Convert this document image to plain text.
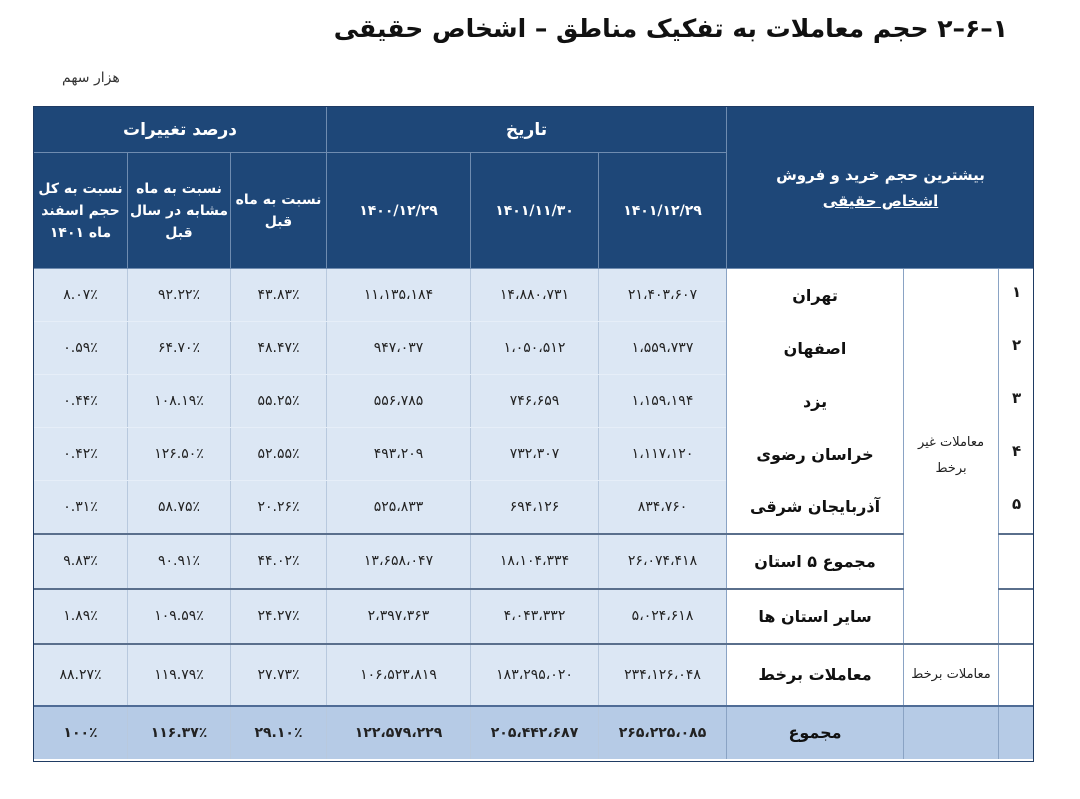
۱–۶–۲ حجم معاملات به تفکیک مناطق – اشخاص حقیقی
هزار سهم
بیشترین حجم خرید و فروش
اشخاص حقیقی			تاریخ			درصد تغییرات		
			۱۴۰۱/۱۲/۲۹	۱۴۰۱/۱۱/۳۰	۱۴۰۰/۱۲/۲۹	نسبت به ماه قبل	نسبت به ماه مشابه در سال قبل	نسبت به کل حجم اسفند ماه ۱۴۰۱
۱	معاملات غیر برخط	تهران	۲۱،۴۰۳،۶۰۷	۱۴،۸۸۰،۷۳۱	۱۱،۱۳۵،۱۸۴	۴۳.۸۳٪	۹۲.۲۲٪	۸.۰۷٪
۲		اصفهان	۱،۵۵۹،۷۳۷	۱،۰۵۰،۵۱۲	۹۴۷،۰۳۷	۴۸.۴۷٪	۶۴.۷۰٪	۰.۵۹٪
۳		یزد	۱،۱۵۹،۱۹۴	۷۴۶،۶۵۹	۵۵۶،۷۸۵	۵۵.۲۵٪	۱۰۸.۱۹٪	۰.۴۴٪
۴		خراسان رضوی	۱،۱۱۷،۱۲۰	۷۳۲،۳۰۷	۴۹۳،۲۰۹	۵۲.۵۵٪	۱۲۶.۵۰٪	۰.۴۲٪
۵		آذربایجان شرقی	۸۳۴،۷۶۰	۶۹۴،۱۲۶	۵۲۵،۸۳۳	۲۰.۲۶٪	۵۸.۷۵٪	۰.۳۱٪
		مجموع ۵ استان	۲۶،۰۷۴،۴۱۸	۱۸،۱۰۴،۳۳۴	۱۳،۶۵۸،۰۴۷	۴۴.۰۲٪	۹۰.۹۱٪	۹.۸۳٪
		سایر استان ها	۵،۰۲۴،۶۱۸	۴،۰۴۳،۳۳۲	۲،۳۹۷،۳۶۳	۲۴.۲۷٪	۱۰۹.۵۹٪	۱.۸۹٪
	معاملات برخط	معاملات برخط	۲۳۴،۱۲۶،۰۴۸	۱۸۳،۲۹۵،۰۲۰	۱۰۶،۵۲۳،۸۱۹	۲۷.۷۳٪	۱۱۹.۷۹٪	۸۸.۲۷٪
		مجموع	۲۶۵،۲۲۵،۰۸۵	۲۰۵،۴۴۲،۶۸۷	۱۲۲،۵۷۹،۲۲۹	۲۹.۱۰٪	۱۱۶.۳۷٪	۱۰۰٪
